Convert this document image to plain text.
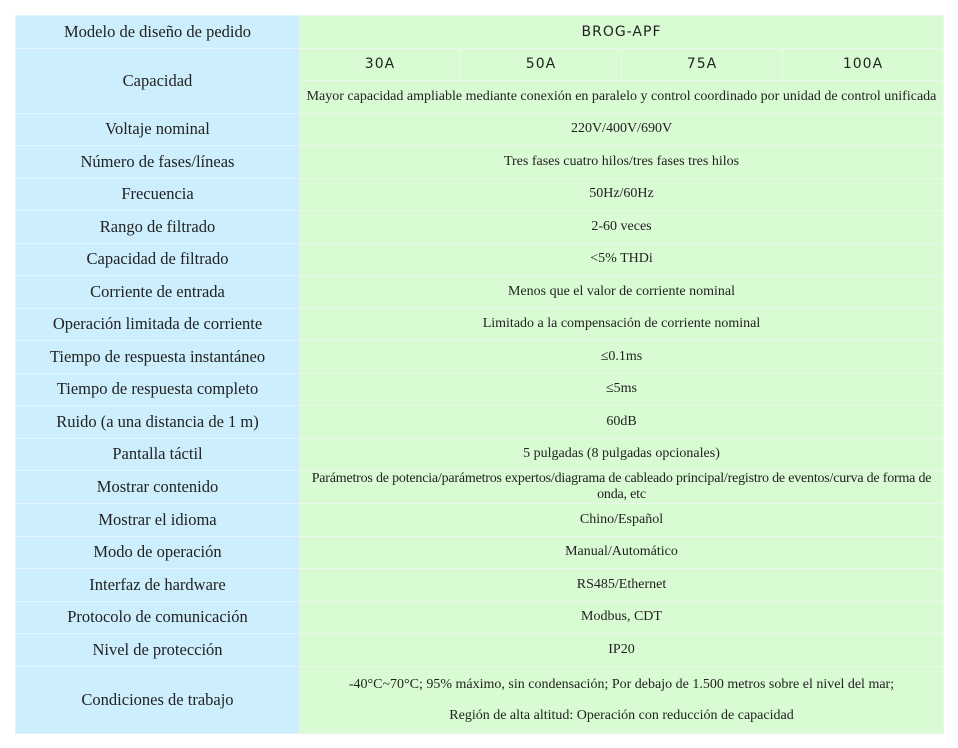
Modelo de diseño de pedido	BROG-APF			
Capacidad	30A	50A	75A	100A
	Mayor capacidad ampliable mediante conexión en paralelo y control coordinado por unidad de control unificada			
Voltaje nominal	220V/400V/690V			
Número de fases/líneas	Tres fases cuatro hilos/tres fases tres hilos			
Frecuencia	50Hz/60Hz			
Rango de filtrado	2-60 veces			
Capacidad de filtrado	<5% THDi			
Corriente de entrada	Menos que el valor de corriente nominal			
Operación limitada de corriente	Limitado a la compensación de corriente nominal			
Tiempo de respuesta instantáneo	≤0.1ms			
Tiempo de respuesta completo	≤5ms			
Ruido (a una distancia de 1 m)	60dB			
Pantalla táctil	5 pulgadas (8 pulgadas opcionales)			
Mostrar contenido	Parámetros de potencia/parámetros expertos/diagrama de cableado principal/registro de eventos/curva de forma de onda, etc			
Mostrar el idioma	Chino/Español			
Modo de operación	Manual/Automático			
Interfaz de hardware	RS485/Ethernet			
Protocolo de comunicación	Modbus, CDT			
Nivel de protección	IP20			
Condiciones de trabajo	-40°C~70°C; 95% máximo, sin condensación; Por debajo de 1.500 metros sobre el nivel del mar;
Región de alta altitud: Operación con reducción de capacidad			
